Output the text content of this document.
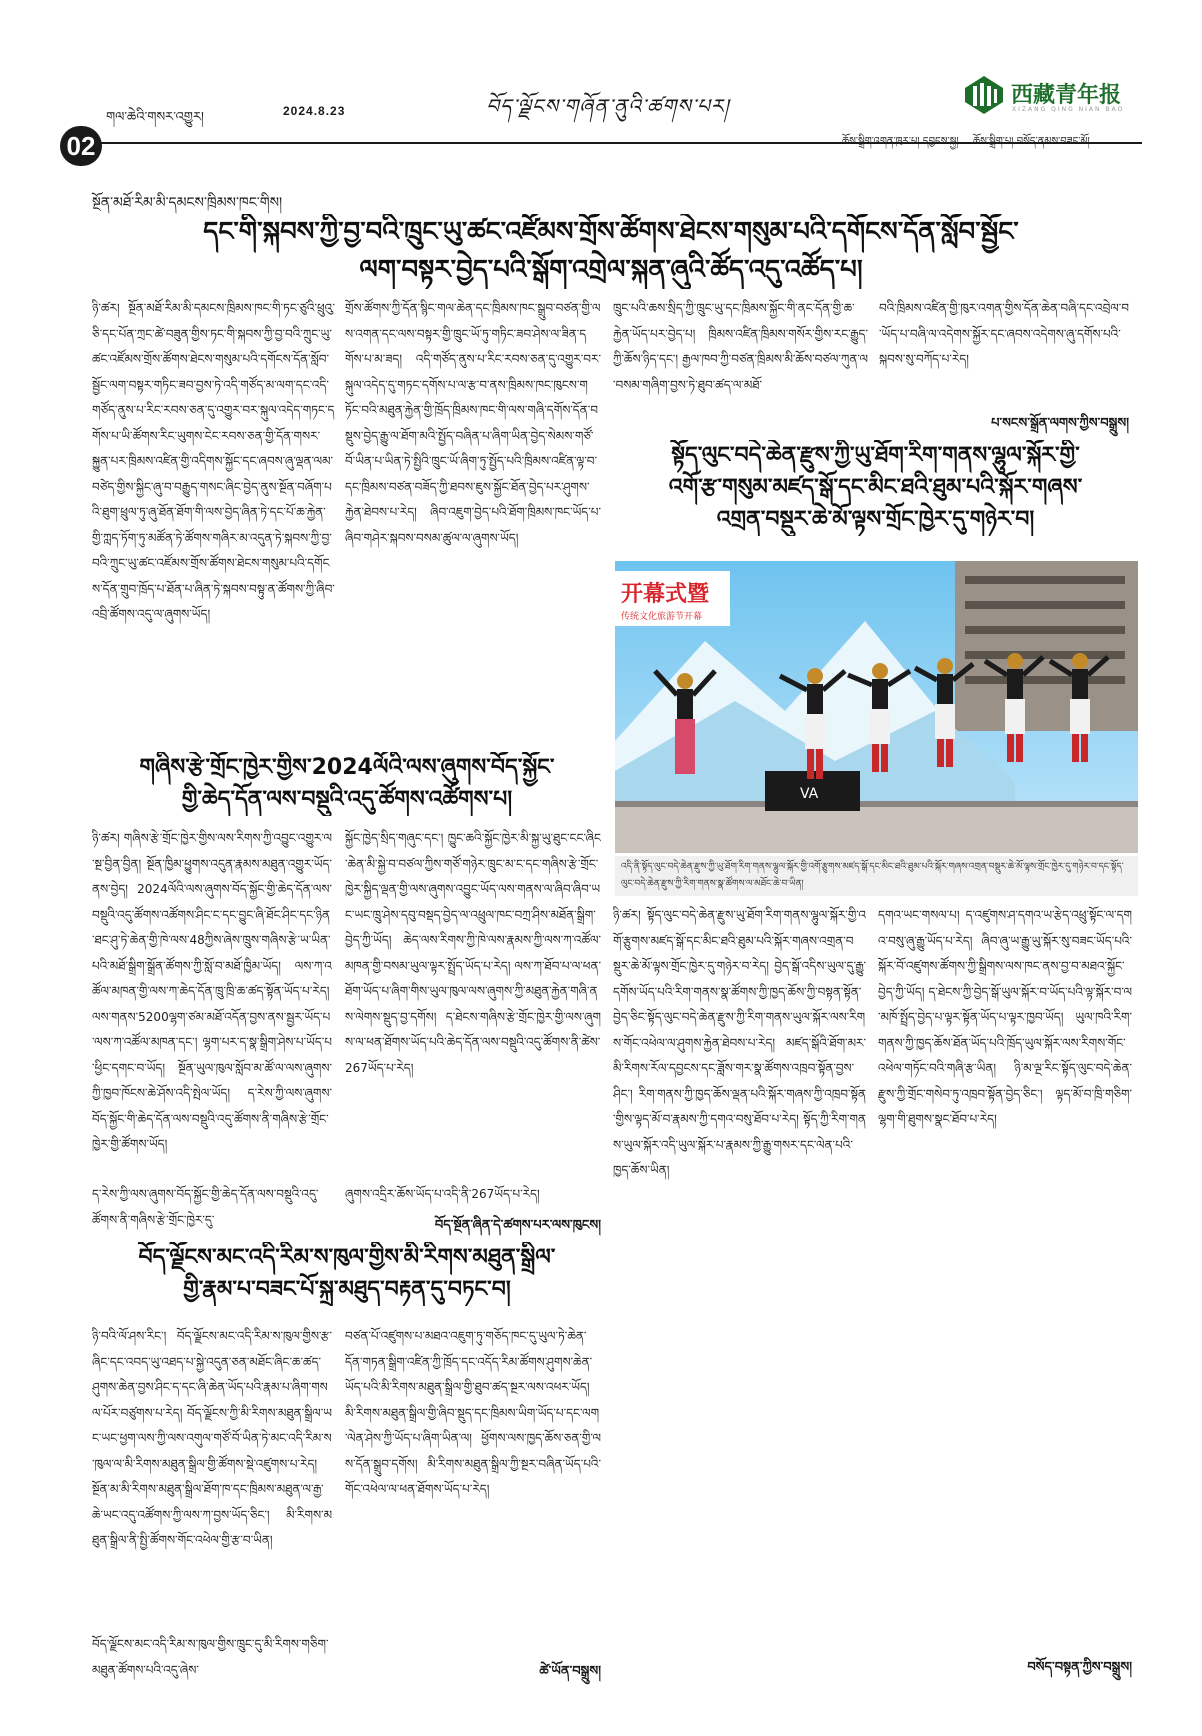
གལ་ཆེའི་གསར་འགྱུར།	2024.8.23	བོད་ལྗོངས་གཞོན་ནུའི་ཚགས་པར།	西藏青年报
XIZANG QING NIAN BAO
02	ཆོས་སྒྲིག་འགན་ཁུར་པ། དབྱངས་སྐྱ། ཆོས་སྒྲིག་པ། བསོད་ནམས་བཟང་མོ།
སྔོན་མཐོ་རིམ་མི་དམངས་ཁྲིམས་ཁང་གིས།
དང་གི་སྐབས་ཀྱི་བྱ་བའི་ཁྲུང་ཡུ་ཚང་འཛོམས་གྲོས་ཚོགས་ཐེངས་གསུམ་པའི་དགོངས་དོན་སློབ་སྦྱོང་
ལག་བསྟར་བྱེད་པའི་སྒོག་འགྲེལ་སྐན་ཞུའི་ཚོད་འདུ་འཚོད་པ།
ཉི་ཚར། སྔོན་མཐོ་རིམ་མི་དམངས་ཁྲིམས་ཁང་གི་ཏང་ཙུའི་ཕྲུའུ་ཅི་དང་པོན་ཀྲང་ཚེ་བཟུན་གྱིས་ཏང་གི་སྐབས་ཀྱི་བྱ་བའི་ཀྲུང་ཡུ་ཚང་འཛོམས་གྲོས་ཚོགས་ཐེངས་གསུམ་པའི་དགོངས་དོན་སློབ་སྦྱོང་ལག་བསྟར་གཏིང་ཟབ་བྱས་ཏེ་འདི་གཙོད་མ་ལག་དང་འདི་གཙོད་ནུས་པ་རིང་རབས་ཅན་དུ་འགྱུར་བར་སྐུལ་འདེད་གཏང་དགོས་པ་ཡི་ཚོགས་རིང་ཡུགས་ངེང་རབས་ཅན་གྱི་དོན་གསར་སྐྱུན་པར་ཁྲིམས་འཛིན་གྱི་འདིགས་སྐྱོང་དང་ཞབས་ཞུ་ལྡན་ལམ་བཙེད་གྱིས་སྐྱིང་ཞུ་བ་བརྒྱུད་གསང་ཞིང་བྱེད་ནུས་སྔོན་བཞོག་པའི་ཐུག་ཕྲུལ་ཏུ་ཞུ་ཐོན་ཐོག་གི་ལས་བྱེད་ཞིན་ཏེ་དང་པོ་ཆ་རྐྱེན་གྱི་ཀླད་ཏོག་ཏུ་མཚོན་ཏེ་ཚོགས་གཞིར་མ་འདུན་ཏེ་སྐབས་ཀྱི་བྱ་བའི་ཀྲུང་ཡུ་ཚང་འཛོམས་གྲོས་ཚོགས་ཐེངས་གསུམ་པའི་དགོངས་དོན་གྲུབ་ཁྲོད་པ་ཐོན་པ་ཞིན་ཏེ་སྐབས་བསྟུ་ན་ཚོགས་ཀྱི་ཞིབ་འབྲི་ཚོགས་འདུ་ལ་ཞུགས་ཡོད།
གྲོས་ཚོགས་ཀྱི་དོན་སྙིང་གལ་ཆེན་དང་ཁྲིམས་ཁང་སྒྲུབ་བཙན་གྱི་ལས་འགན་དང་ལས་བསྟར་གྱི་ཁྲུང་ཡོ་ཏུ་གཏིང་ཟབ་ཤེས་ལ་ཟིན་དགོས་པ་མ་ཟད། འདི་གཙོད་ནུས་པ་རིང་རབས་ཅན་དུ་འགྱུར་བར་སྐུལ་འདེད་དུ་གཏང་དགོས་པ་ལ་རྩ་བ་ནས་ཁྲིམས་ཁང་ཁུངས་གཏོང་བའི་མཐུན་རྐྱེན་གྱི་ཁྲོད་ཁྲིམས་ཁང་གི་ལས་གཞི་དགོས་དོན་བསྡུས་བྱེད་རྒྱུ་ལ་ཐོག་མའི་སྤྱོད་བཞིན་པ་ཞིག་ཡིན་བྱེད་སེམས་གཙོ་བོ་ཡིན་པ་ཡིན་ཏེ་སྤྱིའི་ཁྲུང་ཡོ་ཞིག་ཏུ་སྤྱོད་པའི་ཁྲིམས་འཛིན་ལྟ་བ་དང་ཁྲིམས་བཙན་བཟོད་ཀྱི་ཐབས་ཇུས་སྐྱོང་ཐོན་བྱེད་པར་ཤུགས་རྐྱེན་ཐེབས་པ་རེད། ཞིབ་འཇུག་བྱེད་པའི་ཐོག་ཁྲིམས་ཁང་ཡོད་པ་ཞིབ་གཤེར་སྐབས་བསམ་ཚུལ་ལ་ཞུགས་ཡོད།
ཁྲུང་པའི་ཆས་སྲིད་ཀྱི་ཁྲུང་ཡུ་དང་ཁྲིམས་སྐྱོང་གི་ནང་དོན་གྱི་ཆ་རྐྱེན་ཡོད་པར་བྱེད་པ། ཁྲིམས་འཛིན་ཁྲིམས་གསོར་གྱིས་རང་རྒྱུད་ཀྱི་ཆོས་ཉིད་དང་། རྒྱལ་ཁབ་ཀྱི་བཙན་ཁྲིམས་མི་ཆོས་བཙལ་ཀུན་ལ་བསམ་གཞིག་བྱས་ཏེ་ཐུབ་ཚད་ལ་མཐོ་
བའི་ཁྲིམས་འཛིན་གྱི་ཁུར་འགན་གྱིས་དོན་ཆེན་བཞི་དང་འབྲེལ་བ་ཡོད་པ་བཞི་ལ་འདེགས་སྐྱོར་དང་ཞབས་འདེགས་ཞུ་དགོས་པའི་སྐབས་སུ་བཀོད་པ་རེད།
པ་སངས་སྒྲོན་ལགས་ཀྱིས་བསྒྲུས།
སྟོད་ལུང་བདེ་ཆེན་རྫུས་ཀྱི་ཡུ་ཐོག་རིག་གནས་ལྷུལ་སྐོར་གྱི་
འགོ་རྩ་གསུམ་མཛད་སྒོ་དང་མིང་ཐའི་ཐུམ་པའི་སྐོར་གཞས་
འགྲན་བསྡུར་ཆེ་མོ་ལྟས་གྲོང་ཁྱེར་དུ་གཉེར་བ།
开幕式暨
传统文化旅游节开幕
VA
འདི་ནི་སྟོད་ལུང་བདེ་ཆེན་རྫུས་ཀྱི་ཡུ་ཐོག་རིག་གནས་ལྷུལ་སྐོར་གྱི་འགོ་རྩུགས་མཛད་སྒོ་དང་མིང་ཐའི་ཐུམ་པའི་སྐོར་གཞས་འགྲན་བསྡུར་ཆེ་མོ་ལྟས་གྲོང་ཁྱེར་དུ་གཉེར་བ་དང་སྟོད་ལུང་བདེ་ཆེན་རྫུས་ཀྱི་རིག་གནས་སྣ་ཚོགས་ལ་མཐོང་ཆེ་བ་ཡིན།
ཉི་ཚར། སྟོད་ལུང་བདེ་ཆེན་རྫུས་ཡུ་ཐོག་རིག་གནས་ལྷུལ་སྐོར་གྱི་འགོ་རྩུགས་མཛད་སྒོ་དང་མིང་ཐའི་ཐུམ་པའི་སྐོར་གཞས་འགྲན་བསྡུར་ཆེ་མོ་ལྟས་གྲོང་ཁྱེར་དུ་གཉེར་བ་རེད། བྱེད་སྒོ་འདིས་ཡུལ་དུ་རྒྱུ་དགོས་ཡོད་པའི་རིག་གནས་སྣ་ཚོགས་ཀྱི་ཁྱད་ཆོས་ཀྱི་བསྟན་སྟོན་བྱེད་ཅིང་སྟོད་ལུང་བདེ་ཆེན་རྫུས་ཀྱི་རིག་གནས་ཡུལ་སྐོར་ལས་རིགས་གོང་འཕེལ་ལ་ཤུགས་རྐྱེན་ཐེབས་པ་རེད། མཛད་སྒོའི་ཐོག་མར་མི་རིགས་རོལ་དབྱངས་དང་ཟློས་གར་སྣ་ཚོགས་འཁྲབ་སྟོན་བྱས་ཤིང་། རིག་གནས་ཀྱི་ཁྱད་ཆོས་ལྡན་པའི་སྐོར་གཞས་ཀྱི་འཁྲབ་སྟོན་གྱིས་ལྟད་མོ་བ་རྣམས་ཀྱི་དགའ་བསུ་ཐོབ་པ་རེད། སྟོད་ཀྱི་རིག་གནས་ཡུལ་སྐོར་འདི་ཡུལ་སྐོར་པ་རྣམས་ཀྱི་རྒྱུ་གསར་དང་ལེན་པའི་ཁྱད་ཆོས་ཡིན།
དགའ་ཡང་གསལ་པ། ད་འཛུགས་ཤ་དགའ་ཡ་རྩེད་འཕྲུ་སྟོང་ལ་དགའ་བསུ་ཞུ་རྒྱུ་ཡོད་པ་རེད། ཞིབ་ཞུ་ཡ་རྒྱུ་ཡུ་སྐོར་སུ་བཟང་ཡོད་པའི་སྐོར་བོ་འཛུགས་ཚོགས་ཀྱི་སྒྲིགས་ལས་ཁང་ནས་བྱ་བ་མཐའ་སྐྱོང་བྱེད་ཀྱི་ཡོད། ད་ཐེངས་ཀྱི་བྱེད་སྒོ་ཡུལ་སྐོར་བ་ཡོད་པའི་ལྟ་སྐོར་བ་ལ་མཁོ་སྤྲོད་བྱེད་པ་ལྟར་སྟོན་ཡོད་པ་ལྟར་ཁྱབ་ཡོད། ཡུལ་ཁའི་རིག་གནས་ཀྱི་ཁྱད་ཆོས་ཐོན་ཡོད་པའི་ཁྲོད་ཡུལ་སྐོར་ལས་རིགས་གོང་འཕེལ་གཏོང་བའི་གཞི་རྩ་ཡིན། ཉི་མ་ལྔ་རིང་སྟོད་ལུང་བདེ་ཆེན་རྫུས་ཀྱི་གྲོང་གསེབ་ཏུ་འཁྲབ་སྟོན་བྱེད་ཅིང་། ལྟད་མོ་བ་ཁྲི་གཅིག་ལྷག་གི་ཐུགས་སྣང་ཐོབ་པ་རེད།
བསོད་བསྟན་ཀྱིས་བསྒྲུས།
གཞིས་རྩེ་གྲོང་ཁྱེར་གྱིས་2024ལོའི་ལས་ཞུགས་བོད་སྐྱོང་
གྱི་ཆེད་དོན་ལས་བསྡུའི་འདུ་ཚོགས་འཚོགས་པ།
ཉི་ཚར། གཞིས་རྩེ་གྲོང་ཁྱེར་གྱིས་ལས་རིགས་ཀྱི་འབྱུང་འགྱུར་ལ་སྔ་བྱིན་བྱིན། སྔོན་ཁྱིམ་ཕྱུགས་འདུན་རྣམས་མཐུན་འགྱུར་ཡོད་ནས་བྱེད། 2024ལོའི་ལས་ཞུགས་བོད་སྐྱོང་གྱི་ཆེད་དོན་ལས་བསྡུའི་འདུ་ཚོགས་འཚོགས་ཤིང་ང་དང་བྱུང་ཞི་ཐོང་ཤིང་དང་ཉིན་ཐང་ཤུ་ཏེ་ཆེན་གྱི་ཁེ་ལས་48ཀྱིས་ཞེས་ཁྲུས་གཞིས་རྩེ་ཡ་ཡིན་པའི་མཐོ་སྒྲིག་སྒྲོན་ཚོགས་ཀྱི་སློ་བ་མཐོ་ཁྱིམ་ཡོད། ལས་ཀ་འཚོལ་མཁན་གྱི་ལས་ཀ་ཆེད་དོན་ཁྲུ་ཁྲི་ཆ་ཚད་སྟོན་ཡོད་པ་རེད། ལས་གནས་5200ལྷག་ཙམ་མཐོ་འདོན་བྱས་ནས་སྦྱར་ཡོད་པ་ལས་ཀ་འཚོལ་མཁན་དང་། ལྷག་པར་ད་སྣ་སྒྲིག་ཤེས་པ་ཡོད་པ་ཕྱིང་དགང་བ་ཡོད། སྔོན་ཡུལ་ཁུལ་སློབ་མ་ཚོ་ལ་ལས་ཞུགས་ཀྱི་ཁྱབ་ཁོངས་ཆེ་ཤོས་འདི་སྤེལ་ཡོད། ད་རེས་ཀྱི་ལས་ཞུགས་བོད་སྐྱོང་གི་ཆེད་དོན་ལས་བསྡུའི་འདུ་ཚོགས་ནི་གཞིས་རྩེ་གྲོང་ཁྱེར་གྱི་ཚོགས་ཡོད།
སྐྱོང་ཁྱེད་སྲིད་གཞུང་དང་། ཁྱུང་ཆའི་སྐྱོང་ཁྱེར་མི་སྐྱ་ཡུ་ཐུང་ངང་ཞིང་ཆེན་མི་སྐྱེ་བ་བཙལ་ཀྱིས་གཙོ་གཉེར་ཁྲུང་མ་ང་དང་གཞིས་རྩེ་གྲོང་ཁྱེར་སྐྱིད་ལྡན་གྱི་ལས་ཞུགས་འབྱུང་ཡོད་ལས་གནས་ལ་ཞིབ་ཞིབ་ཡང་ཡང་ཁྲུ་ཤེས་དབུ་བསྡད་བྱེད་ལ་འཕྲུལ་ཁང་བཀྲ་ཤིས་མཐོན་སྒྲིག་བྱེད་ཀྱི་ཡོད། ཆེད་ལས་རིགས་ཀྱི་ཁེ་ལས་རྣམས་ཀྱི་ལས་ཀ་འཚོལ་མཁན་གྱི་བསམ་ཡུལ་ལྟར་སྤྲོད་ཡོད་པ་རེད། ལས་ཀ་ཐོབ་པ་ལ་ཕན་ཐོག་ཡོད་པ་ཞིག་གིས་ཡུལ་ཁུལ་ལས་ཞུགས་ཀྱི་མཐུན་རྐྱེན་གཞི་ནས་ལེགས་སྡུད་བྱ་དགོས། ད་ཐེངས་གཞིས་རྩེ་གྲོང་ཁྱེར་གྱི་ལས་ཞུགས་ལ་ཕན་ཐོགས་ཡོད་པའི་ཆེད་དོན་ལས་བསྡུའི་འདུ་ཚོགས་ནི་ཚེས་267ཡོད་པ་རེད།
ད་རེས་ཀྱི་ལས་ཞུགས་བོད་སྐྱོང་གྱི་ཆེད་དོན་ལས་བསྡུའི་འདུ་ཚོགས་ནི་གཞིས་རྩེ་གྲོང་ཁྱེར་དུ་
ཞུགས་འདྲིར་ཆོས་ཡོད་པ་འདི་ནི་267ཡོད་པ་རེད།
བོད་སྔོན་ཞིན་དེ་ཚགས་པར་ལས་ཁུངས།
བོད་ལྗོངས་མང་འདི་རིམ་ས་ཁུལ་གྱིས་མི་རིགས་མཐུན་སྒྲིལ་
གྱི་རྣམ་པ་བཟང་པོ་སྐྲ་མཐུད་བརྟན་དུ་བཏང་བ།
ཉི་བའི་ལོ་ཤས་རིང་། བོད་ལྗོངས་མང་འདི་རིམ་ས་ཁུལ་གྱིས་རྩ་ཞིང་དང་འབད་ཡུ་འཐད་པ་སྐྱེ་འདུན་ཅན་མཐོང་ཞིང་ཆ་ཚད་ཤུགས་ཆེན་བྱས་ཤིང་ད་དང་ཞི་ཆེན་ཡོད་པའི་རྣམ་པ་ཞིག་གསལ་པོར་བཙུགས་པ་རེད། བོད་ལྗོངས་ཀྱི་མི་རིགས་མཐུན་སྒྲིལ་ཡང་ཡང་ཕྱག་ལས་ཀྱི་ལས་འགུལ་གཙོ་བོ་ཡིན་ཏེ་མང་འདི་རིམ་ས་ཁུལ་ལ་མི་རིགས་མཐུན་སྒྲིལ་གྱི་ཚོགས་སྡེ་འཛུགས་པ་རེད། སྔོན་མ་མི་རིགས་མཐུན་སྒྲིལ་ཐོག་ཁ་དང་ཁྲིམས་མཐུན་ལ་རྒྱ་ཆེ་ཡང་འདུ་འཚོགས་ཀྱི་ལས་ཀ་བྱས་ཡོད་ཅིང་། མི་རིགས་མཐུན་སྒྲིལ་ནི་སྤྱི་ཚོགས་གོང་འཕེལ་གྱི་རྩ་བ་ཡིན།
བཙན་པོ་འཛུགས་པ་མཐའ་འཇུག་ཏུ་གཅོད་ཁང་དུ་ཡུལ་ཏེ་ཆེན་དོན་གཏན་སྒྲིག་འཛིན་ཀྱི་ཁྲོད་དང་འདོད་རིམ་ཚོགས་ཤུགས་ཆེན་ཡོད་པའི་མི་རིགས་མཐུན་སྒྲིལ་གྱི་ཐུབ་ཚད་སྔར་ལས་འཕར་ཡོད། མི་རིགས་མཐུན་སྒྲིལ་གྱི་ཞིབ་སྡུད་དང་ཁྲིམས་ཡིག་ཡོད་པ་དང་ལག་ལེན་ཤེས་ཀྱི་ཡོད་པ་ཞིག་ཡིན་ལ། ཕྱོགས་ལས་ཁྱད་ཆོས་ཅན་གྱི་ལས་དོན་སྒྲུབ་དགོས། མི་རིགས་མཐུན་སྒྲིལ་ཀྱི་སྔར་བཞིན་ཡོད་པའི་གོང་འཕེལ་ལ་ཕན་ཐོགས་ཡོད་པ་རེད།
བོད་ལྗོངས་མང་འདི་རིམ་ས་ཁུལ་གྱིས་ཁྲུང་དུ་མི་རིགས་གཅིག་མཐུན་ཚོགས་པའི་འདུ་ཞེས་	ཚེ་ཡོན་བསྒྲུས།
